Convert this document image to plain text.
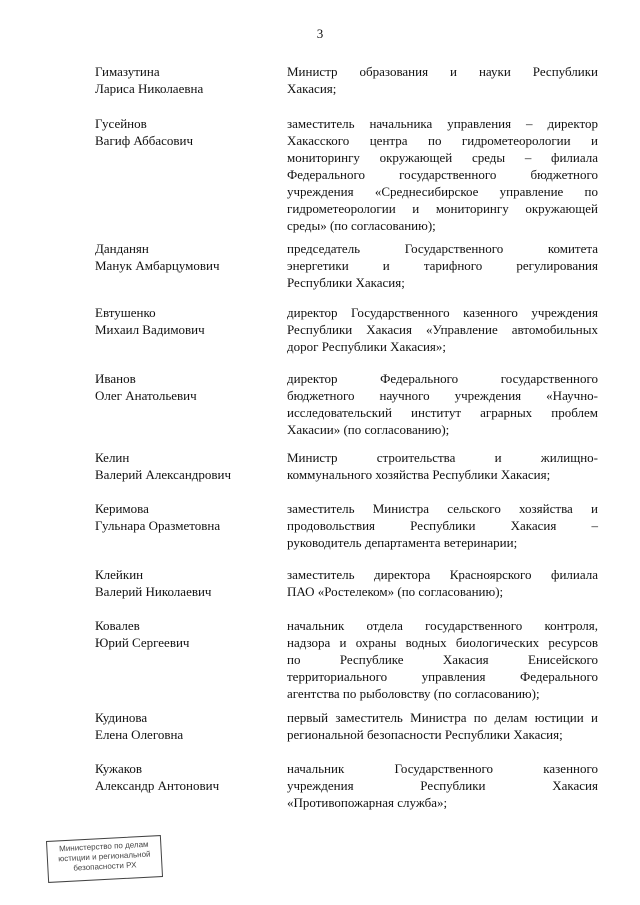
3
Гимазутина
Лариса Николаевна
Министр образования и науки Республики
Хакасия;
Гусейнов
Вагиф Аббасович
заместитель начальника управления – директор
Хакасского центра по гидрометеорологии и
мониторингу окружающей среды – филиала
Федерального государственного бюджетного
учреждения «Среднесибирское управление по
гидрометеорологии и мониторингу окружающей
среды» (по согласованию);
Данданян
Манук Амбарцумович
председатель Государственного комитета
энергетики и тарифного регулирования
Республики Хакасия;
Евтушенко
Михаил Вадимович
директор Государственного казенного учреждения
Республики Хакасия «Управление автомобильных
дорог Республики Хакасия»;
Иванов
Олег Анатольевич
директор Федерального государственного
бюджетного научного учреждения «Научно-
исследовательский институт аграрных проблем
Хакасии» (по согласованию);
Келин
Валерий Александрович
Министр строительства и жилищно-
коммунального хозяйства Республики Хакасия;
Керимова
Гульнара Оразметовна
заместитель Министра сельского хозяйства и
продовольствия Республики Хакасия –
руководитель департамента ветеринарии;
Клейкин
Валерий Николаевич
заместитель директора Красноярского филиала
ПАО «Ростелеком» (по согласованию);
Ковалев
Юрий Сергеевич
начальник отдела государственного контроля,
надзора и охраны водных биологических ресурсов
по Республике Хакасия Енисейского
территориального управления Федерального
агентства по рыболовству (по согласованию);
Кудинова
Елена Олеговна
первый заместитель Министра по делам юстиции и
региональной безопасности Республики Хакасия;
Кужаков
Александр Антонович
начальник Государственного казенного
учреждения Республики Хакасия
«Противопожарная служба»;
Министерство по делам
юстиции и региональной
безопасности РХ
